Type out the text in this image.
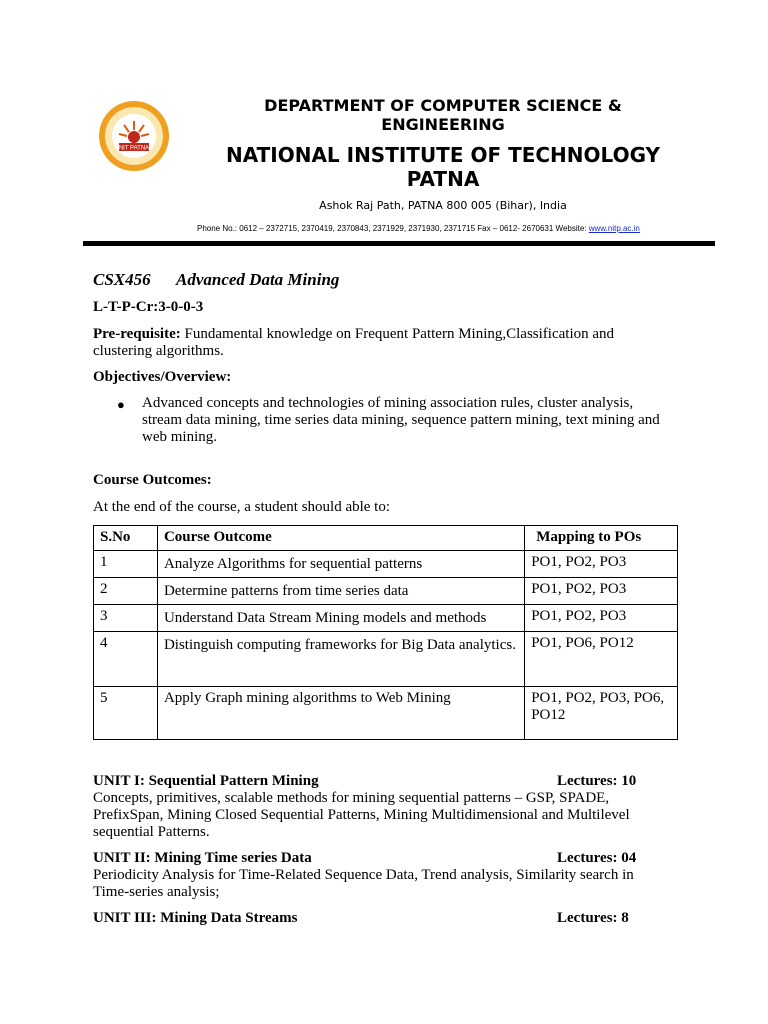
NIT PATNA
DEPARTMENT OF COMPUTER SCIENCE & ENGINEERING
NATIONAL INSTITUTE OF TECHNOLOGY PATNA
Ashok Raj Path, PATNA 800 005 (Bihar), India
Phone No.: 0612 – 2372715, 2370419, 2370843, 2371929, 2371930, 2371715 Fax – 0612- 2670631 Website: www.nitp.ac.in
CSX456 Advanced Data Mining
L-T-P-Cr:3-0-0-3
Pre-requisite: Fundamental knowledge on Frequent Pattern Mining,Classification and clustering algorithms.
Objectives/Overview:
● Advanced concepts and technologies of mining association rules, cluster analysis, stream data mining, time series data mining, sequence pattern mining, text mining and web mining.
Course Outcomes:
At the end of the course, a student should able to:
S.No	Course Outcome	Mapping to POs
1	Analyze Algorithms for sequential patterns	PO1, PO2, PO3
2	Determine patterns from time series data	PO1, PO2, PO3
3	Understand Data Stream Mining models and methods	PO1, PO2, PO3
4	Distinguish computing frameworks for Big Data analytics.	PO1, PO6, PO12
5	Apply Graph mining algorithms to Web Mining	PO1, PO2, PO3, PO6, PO12
UNIT I: Sequential Pattern Mining	Lectures: 10
Concepts, primitives, scalable methods for mining sequential patterns – GSP, SPADE, PrefixSpan, Mining Closed Sequential Patterns, Mining Multidimensional and Multilevel sequential Patterns.
UNIT II: Mining Time series Data	Lectures: 04
Periodicity Analysis for Time-Related Sequence Data, Trend analysis, Similarity search in Time-series analysis;
UNIT III: Mining Data Streams	Lectures: 8
